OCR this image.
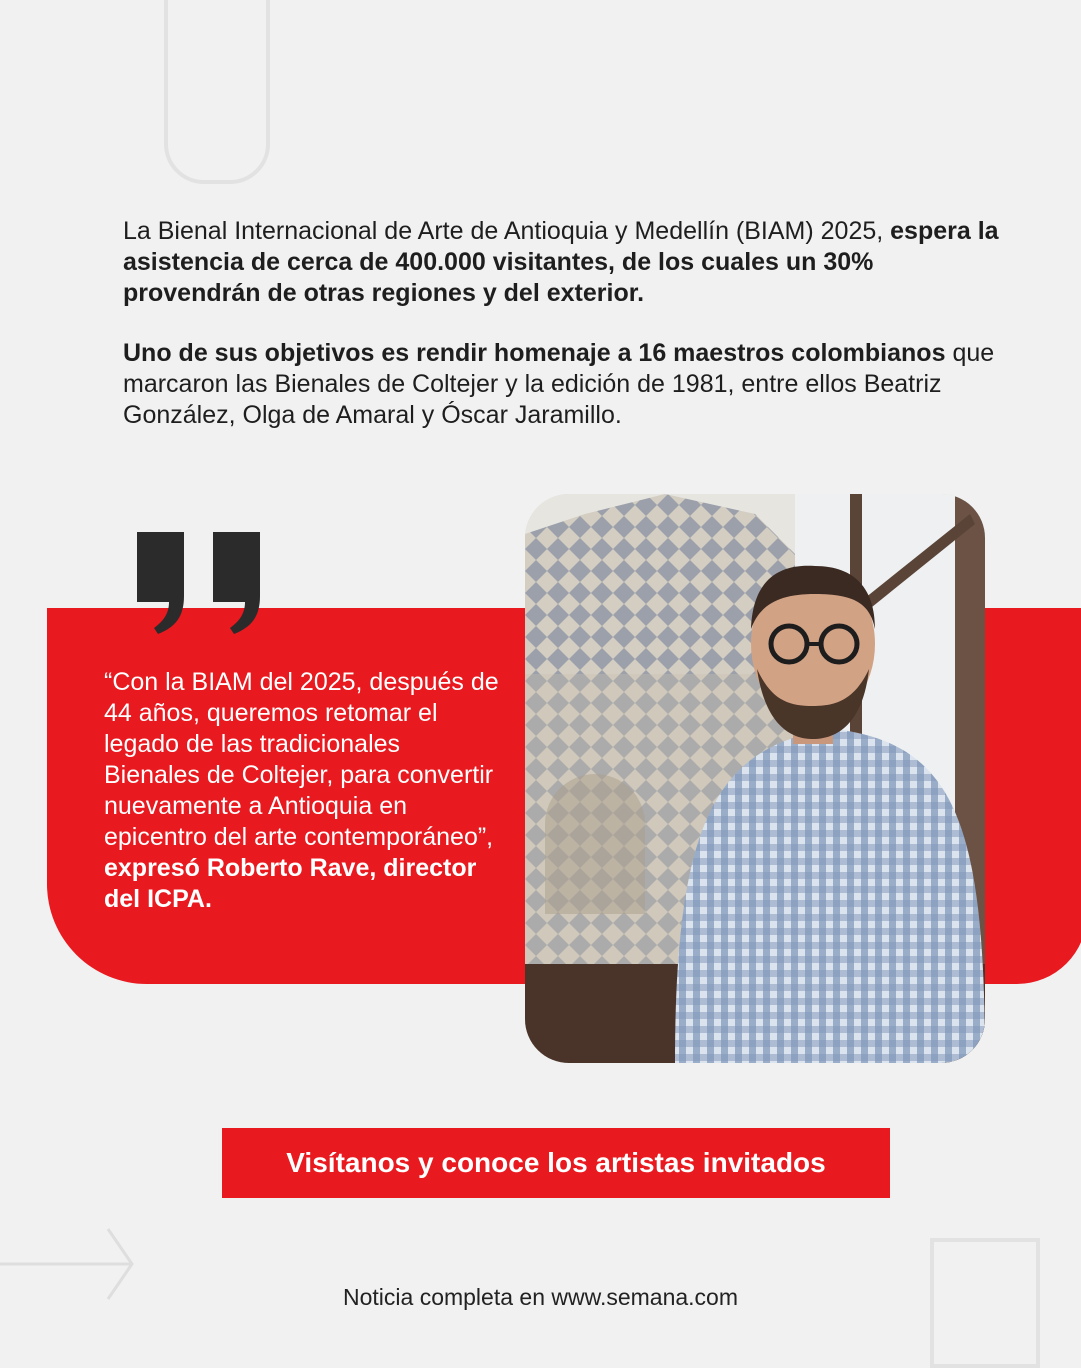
La Bienal Internacional de Arte de Antioquia y Medellín (BIAM) 2025, espera la asistencia de cerca de 400.000 visitantes, de los cuales un 30% provendrán de otras regiones y del exterior.

Uno de sus objetivos es rendir homenaje a 16 maestros colombianos que marcaron las Bienales de Coltejer y la edición de 1981, entre ellos Beatriz González, Olga de Amaral y Óscar Jaramillo.

“Con la BIAM del 2025, después de 44 años, queremos retomar el legado de las tradicionales Bienales de Coltejer, para convertir nuevamente a Antioquia en epicentro del arte contemporáneo”, expresó Roberto Rave, director del ICPA.

Visítanos y conoce los artistas invitados

Noticia completa en www.semana.com
